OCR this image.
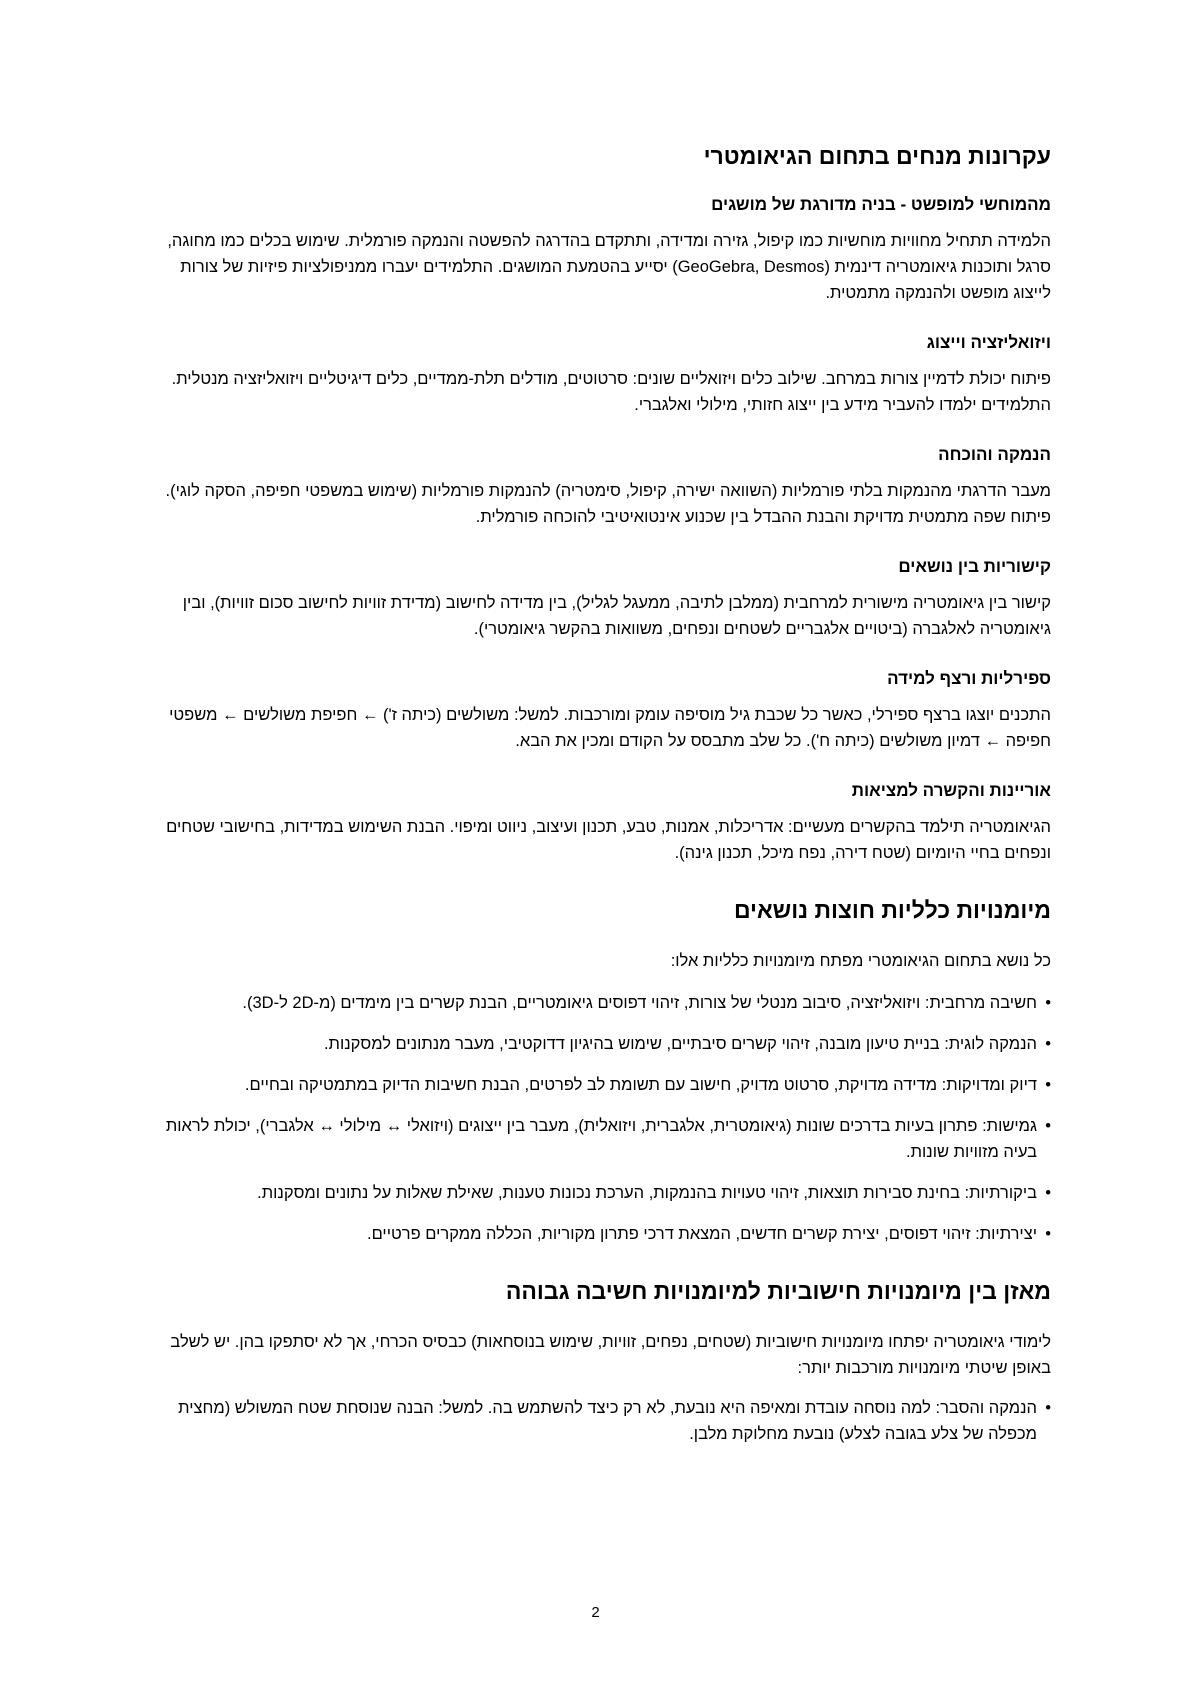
עקרונות מנחים בתחום הגיאומטרי
מהמוחשי למופשט - בניה מדורגת של מושגים

הלמידה תתחיל מחוויות מוחשיות כמו קיפול, גזירה ומדידה, ותתקדם בהדרגה להפשטה והנמקה פורמלית. שימוש בכלים כמו מחוגה, סרגל ותוכנות גיאומטריה דינמית (GeoGebra, Desmos) יסייע בהטמעת המושגים. התלמידים יעברו ממניפולציות פיזיות של צורות לייצוג מופשט ולהנמקה מתמטית.

ויזואליזציה וייצוג

פיתוח יכולת לדמיין צורות במרחב. שילוב כלים ויזואליים שונים: סרטוטים, מודלים תלת-ממדיים, כלים דיגיטליים ויזואליזציה מנטלית. התלמידים ילמדו להעביר מידע בין ייצוג חזותי, מילולי ואלגברי.

הנמקה והוכחה

מעבר הדרגתי מהנמקות בלתי פורמליות (השוואה ישירה, קיפול, סימטריה) להנמקות פורמליות (שימוש במשפטי חפיפה, הסקה לוגי). פיתוח שפה מתמטית מדויקת והבנת ההבדל בין שכנוע אינטואיטיבי להוכחה פורמלית.

קישוריות בין נושאים

קישור בין גיאומטריה מישורית למרחבית (ממלבן לתיבה, ממעגל לגליל), בין מדידה לחישוב (מדידת זוויות לחישוב סכום זוויות), ובין גיאומטריה לאלגברה (ביטויים אלגבריים לשטחים ונפחים, משוואות בהקשר גיאומטרי).

ספירליות ורצף למידה

התכנים יוצגו ברצף ספירלי, כאשר כל שכבת גיל מוסיפה עומק ומורכבות. למשל: משולשים (כיתה ז') ← חפיפת משולשים ← משפטי חפיפה ← דמיון משולשים (כיתה ח'). כל שלב מתבסס על הקודם ומכין את הבא.

אוריינות והקשרה למציאות

הגיאומטריה תילמד בהקשרים מעשיים: אדריכלות, אמנות, טבע, תכנון ועיצוב, ניווט ומיפוי. הבנת השימוש במדידות, בחישובי שטחים ונפחים בחיי היומיום (שטח דירה, נפח מיכל, תכנון גינה).

מיומנויות כלליות חוצות נושאים

כל נושא בתחום הגיאומטרי מפתח מיומנויות כלליות אלו:

• חשיבה מרחבית: ויזואליזציה, סיבוב מנטלי של צורות, זיהוי דפוסים גיאומטריים, הבנת קשרים בין מימדים (מ-2D ל-3D).
• הנמקה לוגית: בניית טיעון מובנה, זיהוי קשרים סיבתיים, שימוש בהיגיון דדוקטיבי, מעבר מנתונים למסקנות.
• דיוק ומדויקות: מדידה מדויקת, סרטוט מדויק, חישוב עם תשומת לב לפרטים, הבנת חשיבות הדיוק במתמטיקה ובחיים.
• גמישות: פתרון בעיות בדרכים שונות (גיאומטרית, אלגברית, ויזואלית), מעבר בין ייצוגים (ויזואלי ↔ מילולי ↔ אלגברי), יכולת לראות בעיה מזוויות שונות.
• ביקורתיות: בחינת סבירות תוצאות, זיהוי טעויות בהנמקות, הערכת נכונות טענות, שאילת שאלות על נתונים ומסקנות.
• יצירתיות: זיהוי דפוסים, יצירת קשרים חדשים, המצאת דרכי פתרון מקוריות, הכללה ממקרים פרטיים.
מאזן בין מיומנויות חישוביות למיומנויות חשיבה גבוהה

לימודי גיאומטריה יפתחו מיומנויות חישוביות (שטחים, נפחים, זוויות, שימוש בנוסחאות) כבסיס הכרחי, אך לא יסתפקו בהן. יש לשלב באופן שיטתי מיומנויות מורכבות יותר:

• הנמקה והסבר: למה נוסחה עובדת ומאיפה היא נובעת, לא רק כיצד להשתמש בה. למשל: הבנה שנוסחת שטח המשולש (מחצית מכפלה של צלע בגובה לצלע) נובעת מחלוקת מלבן.
2
